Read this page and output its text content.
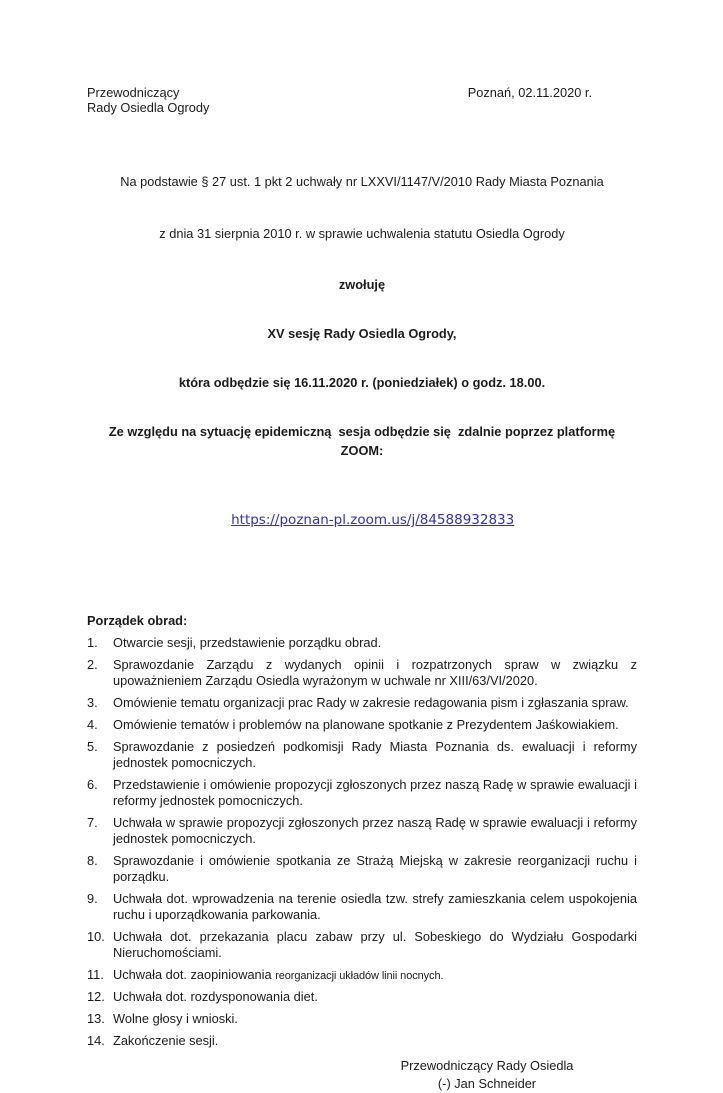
Przewodniczący
Rady Osiedla Ogrody
Poznań, 02.11.2020 r.

Na podstawie § 27 ust. 1 pkt 2 uchwały nr LXXVI/1147/V/2010 Rady Miasta Poznania

z dnia 31 sierpnia 2010 r. w sprawie uchwalenia statutu Osiedla Ogrody

zwołuję

XV sesję Rady Osiedla Ogrody,

która odbędzie się 16.11.2020 r. (poniedziałek) o godz. 18.00.

Ze względu na sytuację epidemiczną  sesja odbędzie się  zdalnie poprzez platformę ZOOM:

https://poznan-pl.zoom.us/j/84588932833

Porządek obrad:
1. Otwarcie sesji, przedstawienie porządku obrad.
2. Sprawozdanie Zarządu z wydanych opinii i rozpatrzonych spraw w związku z upoważnieniem Zarządu Osiedla wyrażonym w uchwale nr XIII/63/VI/2020.
3. Omówienie tematu organizacji prac Rady w zakresie redagowania pism i zgłaszania spraw.
4. Omówienie tematów i problemów na planowane spotkanie z Prezydentem Jaśkowiakiem.
5. Sprawozdanie z posiedzeń podkomisji Rady Miasta Poznania ds. ewaluacji i reformy jednostek pomocniczych.
6. Przedstawienie i omówienie propozycji zgłoszonych przez naszą Radę w sprawie ewaluacji i reformy jednostek pomocniczych.
7. Uchwała w sprawie propozycji zgłoszonych przez naszą Radę w sprawie ewaluacji i reformy jednostek pomocniczych.
8. Sprawozdanie i omówienie spotkania ze Strażą Miejską w zakresie reorganizacji ruchu i porządku.
9. Uchwała dot. wprowadzenia na terenie osiedla tzw. strefy zamieszkania celem uspokojenia ruchu i uporządkowania parkowania.
10. Uchwała dot. przekazania placu zabaw przy ul. Sobeskiego do Wydziału Gospodarki Nieruchomościami.
11. Uchwała dot. zaopiniowania reorganizacji układów linii nocnych.
12. Uchwała dot. rozdysponowania diet.
13. Wolne głosy i wnioski.
14. Zakończenie sesji.
Przewodniczący Rady Osiedla
(-) Jan Schneider
